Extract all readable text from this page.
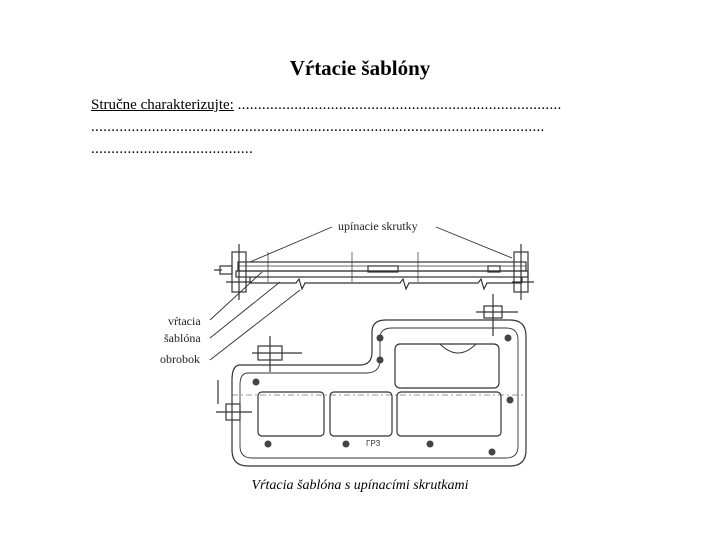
Vŕtacie šablóny
Stručne charakterizujte: ................................................................................
................................................................................................................
........................................
upínacie skrutky
vŕtacia
šablóna
obrobok
ГРЗ
Vŕtacia šablóna s upínacími skrutkami
